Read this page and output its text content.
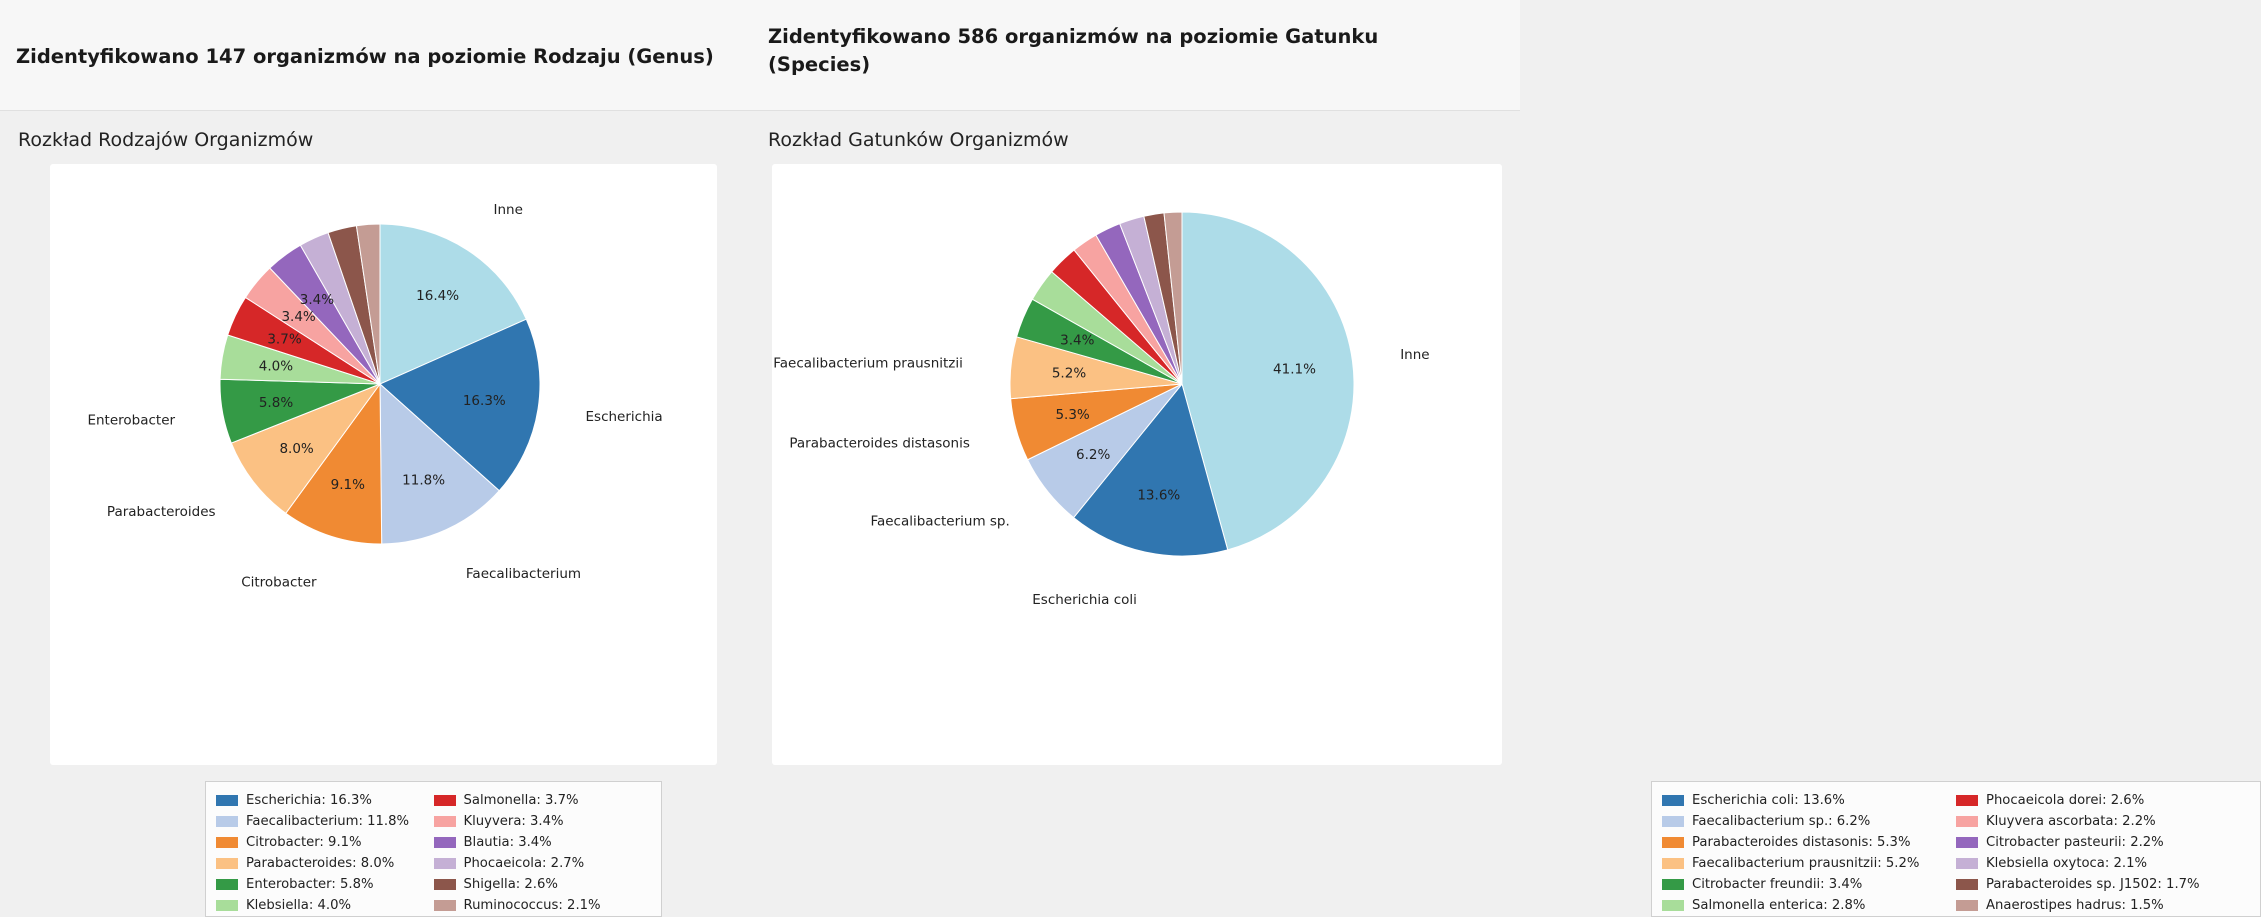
Zidentyfikowano 147 organizmów na poziomie Rodzaju (Genus)
Zidentyfikowano 586 organizmów na poziomie Gatunku (Species)
Rozkład Rodzajów Organizmów	Rozkład Gatunków Organizmów
16.4%
16.3%
11.8%
9.1%
8.0%
5.8%
4.0%
3.7%
3.4%
3.4%
Inne
Escherichia
Faecalibacterium
Citrobacter
Parabacteroides
Enterobacter
Escherichia: 16.3%
Faecalibacterium: 11.8%
Citrobacter: 9.1%
Parabacteroides: 8.0%
Enterobacter: 5.8%
Klebsiella: 4.0%
Salmonella: 3.7%
Kluyvera: 3.4%
Blautia: 3.4%
Phocaeicola: 2.7%
Shigella: 2.6%
Ruminococcus: 2.1%
41.1%
13.6%
6.2%
5.3%
5.2%
3.4%
Inne
Escherichia coli
Faecalibacterium sp.
Parabacteroides distasonis
Faecalibacterium prausnitzii
Escherichia coli: 13.6%
Faecalibacterium sp.: 6.2%
Parabacteroides distasonis: 5.3%
Faecalibacterium prausnitzii: 5.2%
Citrobacter freundii: 3.4%
Salmonella enterica: 2.8%
Phocaeicola dorei: 2.6%
Kluyvera ascorbata: 2.2%
Citrobacter pasteurii: 2.2%
Klebsiella oxytoca: 2.1%
Parabacteroides sp. J1502: 1.7%
Anaerostipes hadrus: 1.5%
